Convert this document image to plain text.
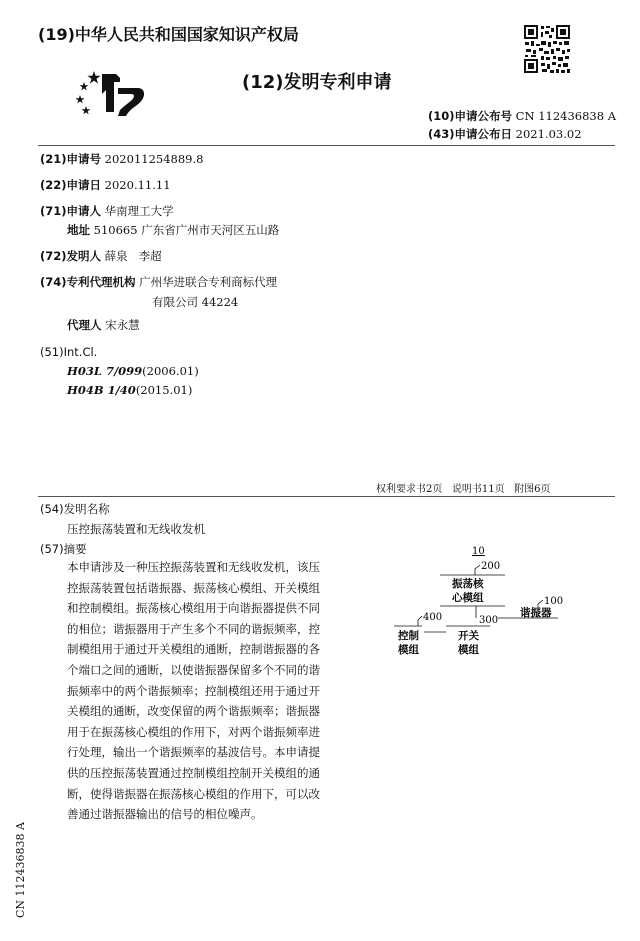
(19)中华人民共和国国家知识产权局
(12)发明专利申请
(10)申请公布号 CN 112436838 A
(43)申请公布日 2021.03.02
(21)申请号 202011254889.8
(22)申请日 2020.11.11
(71)申请人 华南理工大学
地址 510665 广东省广州市天河区五山路
(72)发明人 薛泉   李超
(74)专利代理机构 广州华进联合专利商标代理
有限公司 44224
代理人 宋永慧
(51)Int.Cl.
H03L 7/099(2006.01)
H04B 1/40(2015.01)
权利要求书2页   说明书11页   附图6页
(54)发明名称
压控振荡装置和无线收发机
(57)摘要
本申请涉及一种压控振荡装置和无线收发机，该压控振荡装置包括谐振器、振荡核心模组、开关模组和控制模组。振荡核心模组用于向谐振器提供不同的相位；谐振器用于产生多个不同的谐振频率，控制模组用于通过开关模组的通断，控制谐振器的各个端口之间的通断，以使谐振器保留多个不同的谐振频率中的两个谐振频率；控制模组还用于通过开关模组的通断，改变保留的两个谐振频率；谐振器用于在振荡核心模组的作用下，对两个谐振频率进行处理，输出一个谐振频率的基波信号。本申请提供的压控振荡装置通过控制模组控制开关模组的通断，使得谐振器在振荡核心模组的作用下，可以改善通过谐振器输出的信号的相位噪声。
10
200
振荡核
心模组
300
100
谐振器
开关
模组
400
控制
模组
CN 112436838 A
